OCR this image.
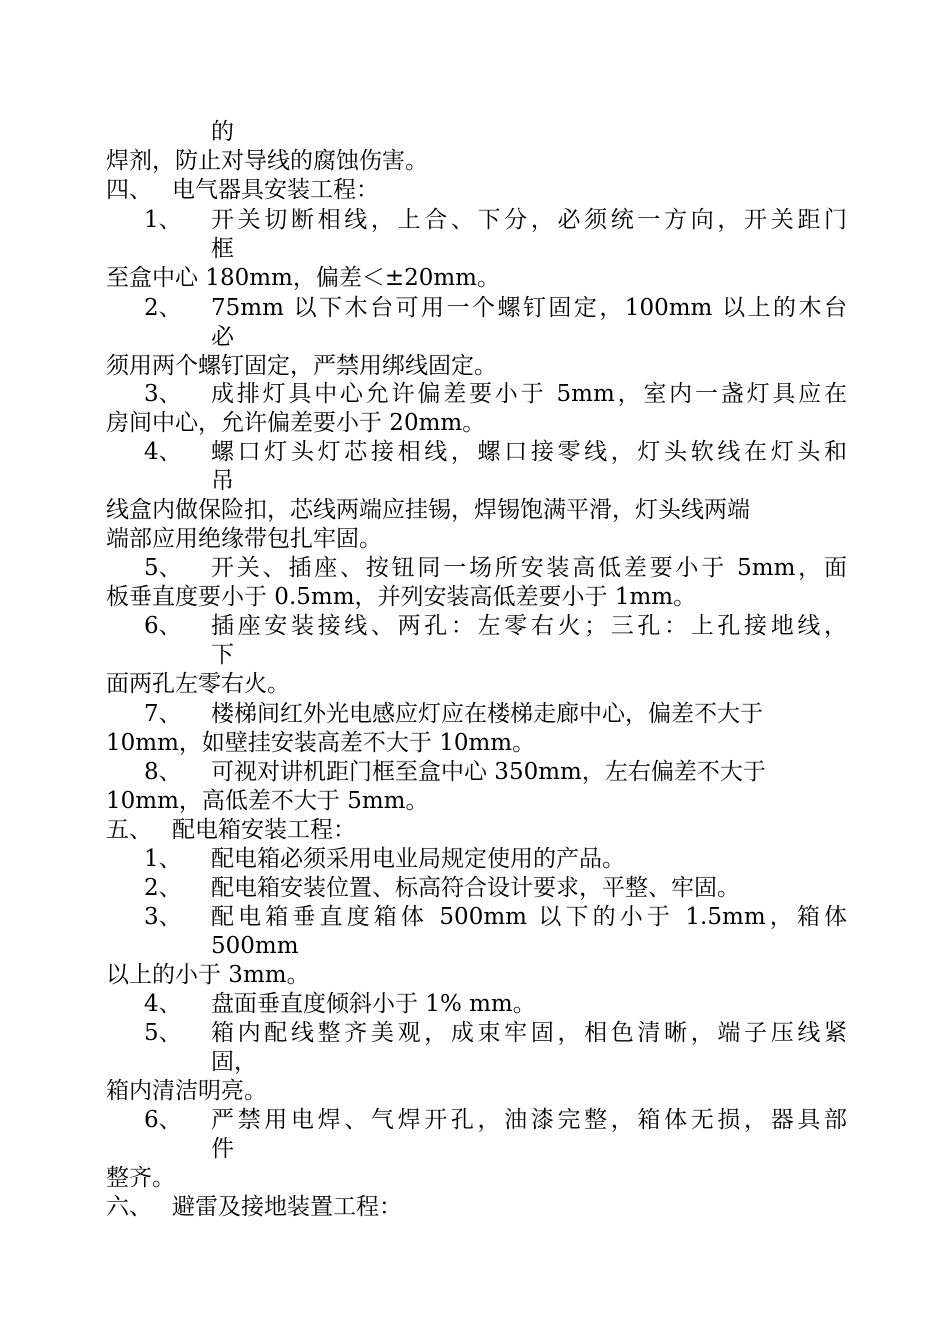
的
焊剂，防止对导线的腐蚀伤害。
四、 电气器具安装工程：
1、 开关切断相线，上合、下分，必须统一方向，开关距门
框
至盒中心 180mm，偏差＜±20mm。
2、 75mm 以下木台可用一个螺钉固定，100mm 以上的木台
必
须用两个螺钉固定，严禁用绑线固定。
3、 成排灯具中心允许偏差要小于 5mm，室内一盏灯具应在
房间中心，允许偏差要小于 20mm。
4、 螺口灯头灯芯接相线，螺口接零线，灯头软线在灯头和
吊
线盒内做保险扣，芯线两端应挂锡，焊锡饱满平滑，灯头线两端
端部应用绝缘带包扎牢固。
5、 开关、插座、按钮同一场所安装高低差要小于 5mm，面
板垂直度要小于 0.5mm，并列安装高低差要小于 1mm。
6、 插座安装接线、两孔：左零右火；三孔：上孔接地线，
下
面两孔左零右火。
7、 楼梯间红外光电感应灯应在楼梯走廊中心，偏差不大于
10mm，如壁挂安装高差不大于 10mm。
8、 可视对讲机距门框至盒中心 350mm，左右偏差不大于
10mm，高低差不大于 5mm。
五、 配电箱安装工程：
1、 配电箱必须采用电业局规定使用的产品。
2、 配电箱安装位置、标高符合设计要求，平整、牢固。
3、 配电箱垂直度箱体 500mm 以下的小于 1.5mm，箱体
500mm
以上的小于 3mm。
4、 盘面垂直度倾斜小于 1% mm。
5、 箱内配线整齐美观，成束牢固，相色清晰，端子压线紧
固，
箱内清洁明亮。
6、 严禁用电焊、气焊开孔，油漆完整，箱体无损，器具部
件
整齐。
六、 避雷及接地装置工程：
